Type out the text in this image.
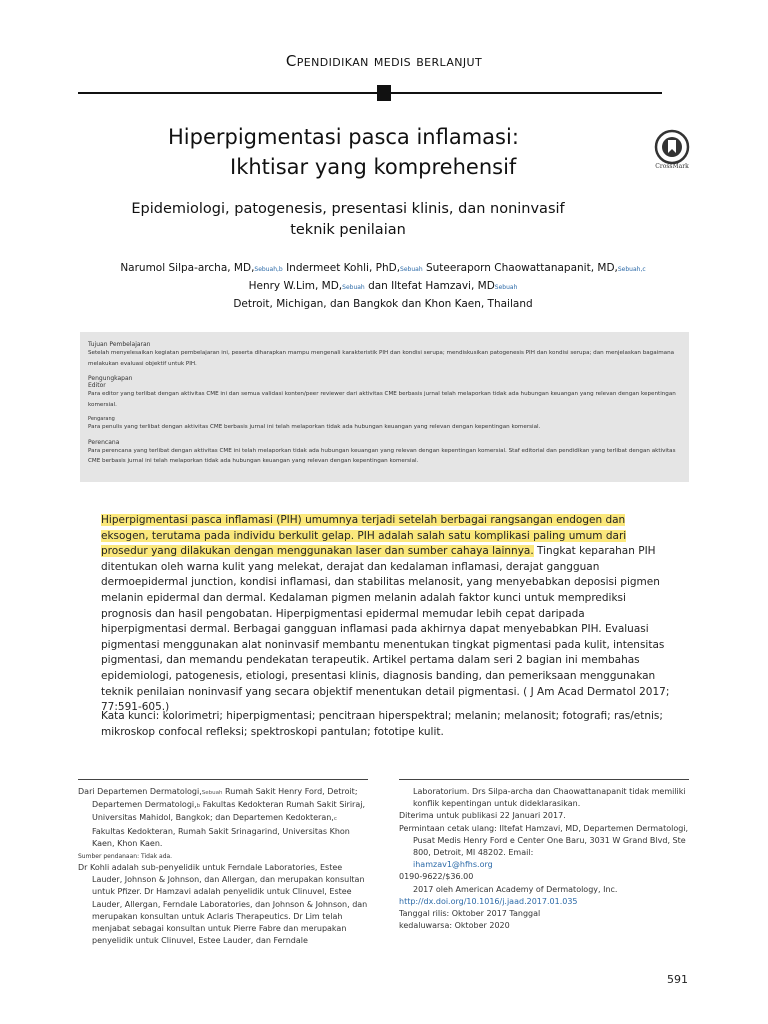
Cpendidikan medis berlanjut
Hiperpigmentasi pasca inflamasi:
Ikhtisar yang komprehensif	CrossMark
Epidemiologi, patogenesis, presentasi klinis, dan noninvasif
teknik penilaian
Narumol Silpa-archa, MD,Sebuah,b Indermeet Kohli, PhD,Sebuah Suteeraporn Chaowattanapanit, MD,Sebuah,c
Henry W.Lim, MD,Sebuah dan Iltefat Hamzavi, MDSebuah
Detroit, Michigan, dan Bangkok dan Khon Kaen, Thailand
Tujuan Pembelajaran
Setelah menyelesaikan kegiatan pembelajaran ini, peserta diharapkan mampu mengenali karakteristik PIH dan kondisi serupa; mendiskusikan patogenesis PIH dan kondisi serupa; dan menjelaskan bagaimana melakukan evaluasi objektif untuk PIH.
Pengungkapan
Editor
Para editor yang terlibat dengan aktivitas CME ini dan semua validasi konten/peer reviewer dari aktivitas CME berbasis jurnal telah melaporkan tidak ada hubungan keuangan yang relevan dengan kepentingan komersial.
Pengarang
Para penulis yang terlibat dengan aktivitas CME berbasis jurnal ini telah melaporkan tidak ada hubungan keuangan yang relevan dengan kepentingan komersial.
Perencana
Para perencana yang terlibat dengan aktivitas CME ini telah melaporkan tidak ada hubungan keuangan yang relevan dengan kepentingan komersial. Staf editorial dan pendidikan yang terlibat dengan aktivitas CME berbasis jurnal ini telah melaporkan tidak ada hubungan keuangan yang relevan dengan kepentingan komersial.

Hiperpigmentasi pasca inflamasi (PIH) umumnya terjadi setelah berbagai rangsangan endogen dan eksogen, terutama pada individu berkulit gelap. PIH adalah salah satu komplikasi paling umum dari prosedur yang dilakukan dengan menggunakan laser dan sumber cahaya lainnya. Tingkat keparahan PIH ditentukan oleh warna kulit yang melekat, derajat dan kedalaman inflamasi, derajat gangguan dermoepidermal junction, kondisi inflamasi, dan stabilitas melanosit, yang menyebabkan deposisi pigmen melanin epidermal dan dermal. Kedalaman pigmen melanin adalah faktor kunci untuk memprediksi prognosis dan hasil pengobatan. Hiperpigmentasi epidermal memudar lebih cepat daripada hiperpigmentasi dermal. Berbagai gangguan inflamasi pada akhirnya dapat menyebabkan PIH. Evaluasi pigmentasi menggunakan alat noninvasif membantu menentukan tingkat pigmentasi pada kulit, intensitas pigmentasi, dan memandu pendekatan terapeutik. Artikel pertama dalam seri 2 bagian ini membahas epidemiologi, patogenesis, etiologi, presentasi klinis, diagnosis banding, dan pemeriksaan menggunakan teknik penilaian noninvasif yang secara objektif menentukan detail pigmentasi. ( J Am Acad Dermatol 2017; 77:591-605.)

Kata kunci: kolorimetri; hiperpigmentasi; pencitraan hiperspektral; melanin; melanosit; fotografi; ras/etnis; mikroskop confocal refleksi; spektroskopi pantulan; fototipe kulit.

Dari Departemen Dermatologi,Sebuah Rumah Sakit Henry Ford, Detroit; Departemen Dermatologi,b Fakultas Kedokteran Rumah Sakit Siriraj, Universitas Mahidol, Bangkok; dan Departemen Kedokteran,c Fakultas Kedokteran, Rumah Sakit Srinagarind, Universitas Khon Kaen, Khon Kaen.

Sumber pendanaan: Tidak ada.

Dr Kohli adalah sub-penyelidik untuk Ferndale Laboratories, Estee Lauder, Johnson & Johnson, dan Allergan, dan merupakan konsultan untuk Pfizer. Dr Hamzavi adalah penyelidik untuk Clinuvel, Estee Lauder, Allergan, Ferndale Laboratories, dan Johnson & Johnson, dan merupakan konsultan untuk Aclaris Therapeutics. Dr Lim telah menjabat sebagai konsultan untuk Pierre Fabre dan merupakan penyelidik untuk Clinuvel, Estee Lauder, dan Ferndale

Laboratorium. Drs Silpa-archa dan Chaowattanapanit tidak memiliki konflik kepentingan untuk dideklarasikan.

Diterima untuk publikasi 22 Januari 2017.

Permintaan cetak ulang: Iltefat Hamzavi, MD, Departemen Dermatologi, Pusat Medis Henry Ford e Center One Baru, 3031 W Grand Blvd, Ste 800, Detroit, MI 48202. Email:

ihamzav1@hfhs.org

0190-9622/$36.00

2017 oleh American Academy of Dermatology, Inc.

http://dx.doi.org/10.1016/j.jaad.2017.01.035

Tanggal rilis: Oktober 2017 Tanggal

kedaluwarsa: Oktober 2020

591
